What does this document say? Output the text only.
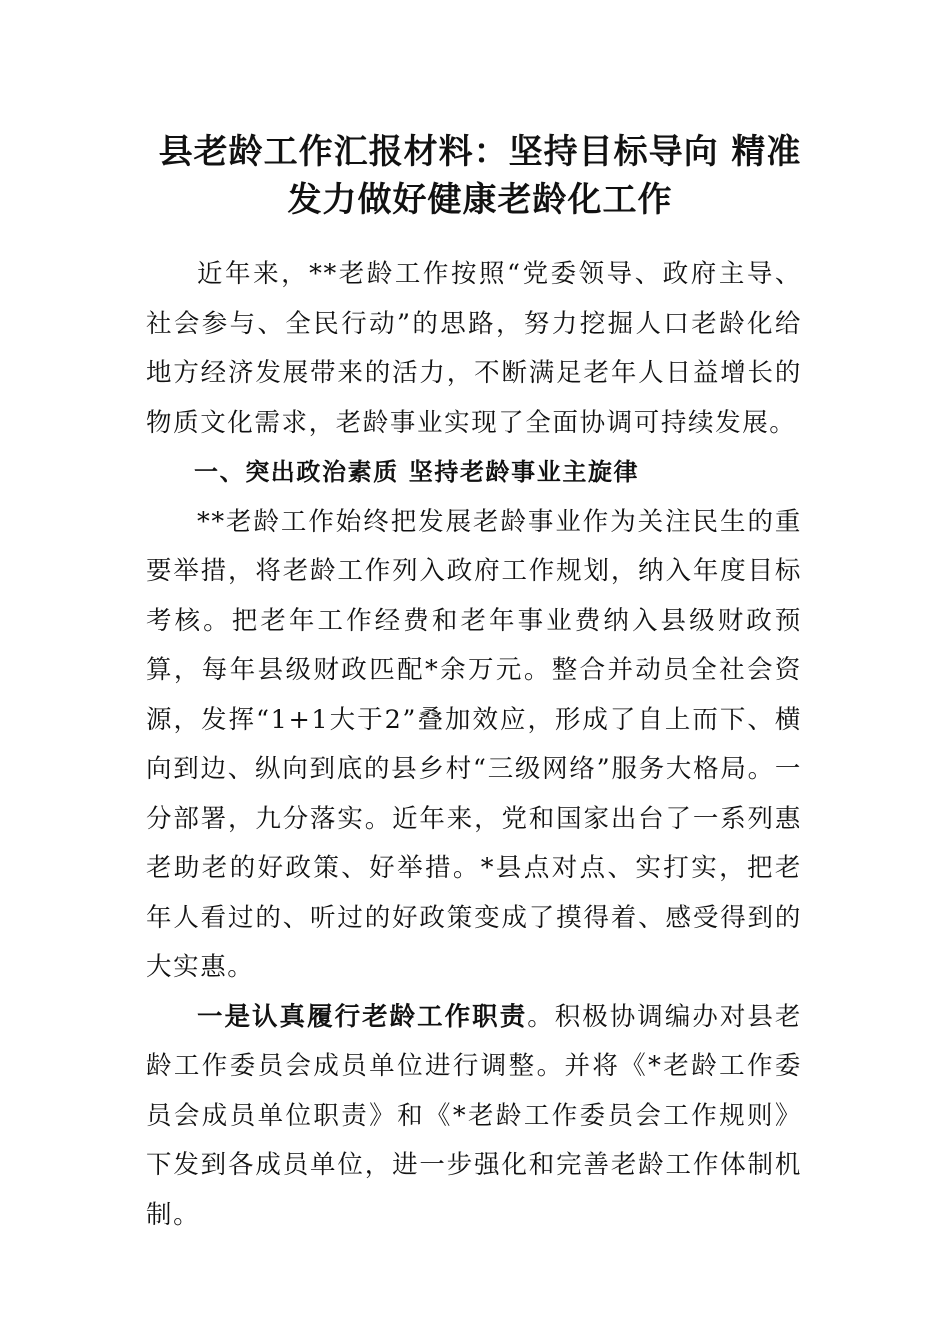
县老龄工作汇报材料：坚持目标导向 精准发力做好健康老龄化工作

近年来，**老龄工作按照“党委领导、政府主导、社会参与、全民行动”的思路，努力挖掘人口老龄化给地方经济发展带来的活力，不断满足老年人日益增长的物质文化需求，老龄事业实现了全面协调可持续发展。

一、突出政治素质 坚持老龄事业主旋律

**老龄工作始终把发展老龄事业作为关注民生的重要举措，将老龄工作列入政府工作规划，纳入年度目标考核。把老年工作经费和老年事业费纳入县级财政预算，每年县级财政匹配*余万元。整合并动员全社会资源，发挥“1+1大于2”叠加效应，形成了自上而下、横向到边、纵向到底的县乡村“三级网络”服务大格局。一分部署，九分落实。近年来，党和国家出台了一系列惠老助老的好政策、好举措。*县点对点、实打实，把老年人看过的、听过的好政策变成了摸得着、感受得到的大实惠。

一是认真履行老龄工作职责。积极协调编办对县老龄工作委员会成员单位进行调整。并将《*老龄工作委员会成员单位职责》和《*老龄工作委员会工作规则》下发到各成员单位，进一步强化和完善老龄工作体制机制。
